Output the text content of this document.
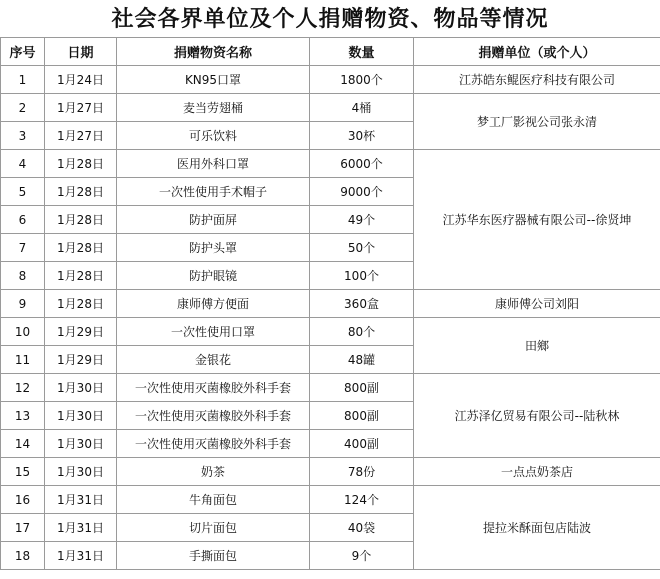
社会各界单位及个人捐赠物资、物品等情况
序号	日期	捐赠物资名称	数量	捐赠单位（或个人）
1	1月24日	KN95口罩	1800个	江苏皓东鲲医疗科技有限公司
2	1月27日	麦当劳翅桶	4桶	梦工厂影视公司张永清
3	1月27日	可乐饮料	30杯	
4	1月28日	医用外科口罩	6000个	江苏华东医疗器械有限公司--徐贤坤
5	1月28日	一次性使用手术帽子	9000个	
6	1月28日	防护面屏	49个	
7	1月28日	防护头罩	50个	
8	1月28日	防护眼镜	100个	
9	1月28日	康师傅方便面	360盒	康师傅公司刘阳
10	1月29日	一次性使用口罩	80个	田鄉
11	1月29日	金银花	48罐	
12	1月30日	一次性使用灭菌橡胶外科手套	800副	江苏泽亿贸易有限公司--陆秋林
13	1月30日	一次性使用灭菌橡胶外科手套	800副	
14	1月30日	一次性使用灭菌橡胶外科手套	400副	
15	1月30日	奶茶	78份	一点点奶茶店
16	1月31日	牛角面包	124个	提拉米酥面包店陆波
17	1月31日	切片面包	40袋	
18	1月31日	手撕面包	9个	
